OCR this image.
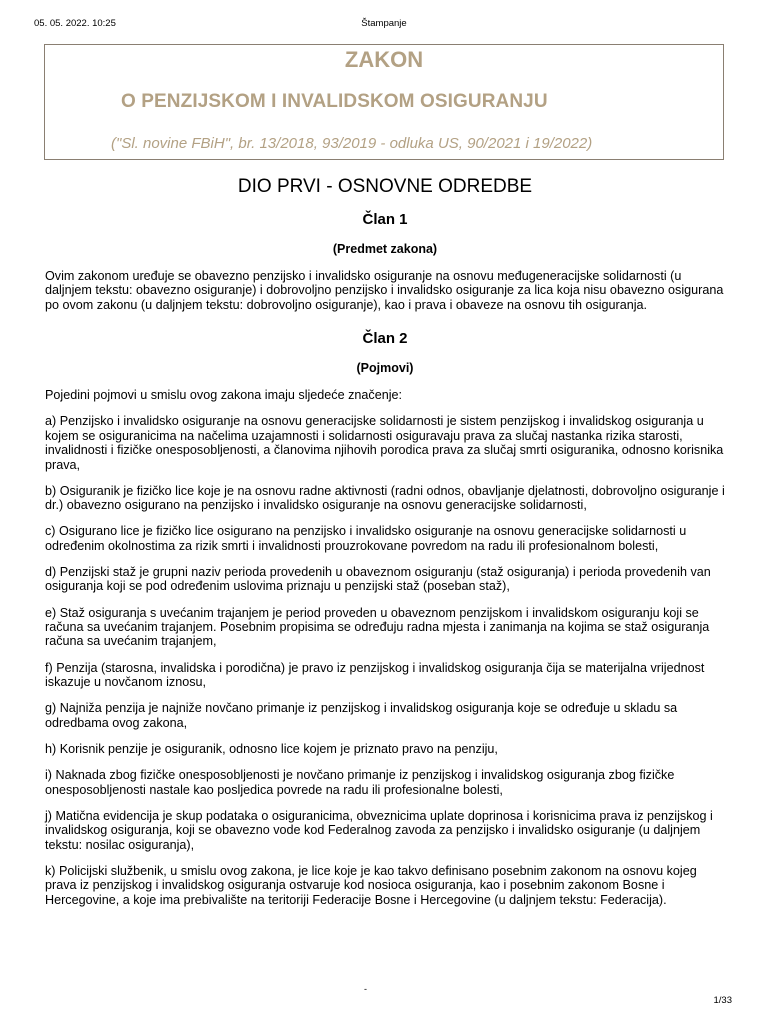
05. 05. 2022. 10:25	Štampanje
ZAKON
O PENZIJSKOM I INVALIDSKOM OSIGURANJU
("Sl. novine FBiH", br. 13/2018, 93/2019 - odluka US, 90/2021 i 19/2022)
DIO PRVI - OSNOVNE ODREDBE
Član 1
(Predmet zakona)

Ovim zakonom uređuje se obavezno penzijsko i invalidsko osiguranje na osnovu međugeneracijske solidarnosti (u daljnjem tekstu: obavezno osiguranje) i dobrovoljno penzijsko i invalidsko osiguranje za lica koja nisu obavezno osigurana po ovom zakonu (u daljnjem tekstu: dobrovoljno osiguranje), kao i prava i obaveze na osnovu tih osiguranja.

Član 2
(Pojmovi)

Pojedini pojmovi u smislu ovog zakona imaju sljedeće značenje:

a) Penzijsko i invalidsko osiguranje na osnovu generacijske solidarnosti je sistem penzijskog i invalidskog osiguranja u kojem se osiguranicima na načelima uzajamnosti i solidarnosti osiguravaju prava za slučaj nastanka rizika starosti, invalidnosti i fizičke onesposobljenosti, a članovima njihovih porodica prava za slučaj smrti osiguranika, odnosno korisnika prava,

b) Osiguranik je fizičko lice koje je na osnovu radne aktivnosti (radni odnos, obavljanje djelatnosti, dobrovoljno osiguranje i dr.) obavezno osigurano na penzijsko i invalidsko osiguranje na osnovu generacijske solidarnosti,

c) Osigurano lice je fizičko lice osigurano na penzijsko i invalidsko osiguranje na osnovu generacijske solidarnosti u određenim okolnostima za rizik smrti i invalidnosti prouzrokovane povredom na radu ili profesionalnom bolesti,

d) Penzijski staž je grupni naziv perioda provedenih u obaveznom osiguranju (staž osiguranja) i perioda provedenih van osiguranja koji se pod određenim uslovima priznaju u penzijski staž (poseban staž),

e) Staž osiguranja s uvećanim trajanjem je period proveden u obaveznom penzijskom i invalidskom osiguranju koji se računa sa uvećanim trajanjem. Posebnim propisima se određuju radna mjesta i zanimanja na kojima se staž osiguranja računa sa uvećanim trajanjem,

f) Penzija (starosna, invalidska i porodična) je pravo iz penzijskog i invalidskog osiguranja čija se materijalna vrijednost iskazuje u novčanom iznosu,

g) Najniža penzija je najniže novčano primanje iz penzijskog i invalidskog osiguranja koje se određuje u skladu sa odredbama ovog zakona,

h) Korisnik penzije je osiguranik, odnosno lice kojem je priznato pravo na penziju,

i) Naknada zbog fizičke onesposobljenosti je novčano primanje iz penzijskog i invalidskog osiguranja zbog fizičke onesposobljenosti nastale kao posljedica povrede na radu ili profesionalne bolesti,

j) Matična evidencija je skup podataka o osiguranicima, obveznicima uplate doprinosa i korisnicima prava iz penzijskog i invalidskog osiguranja, koji se obavezno vode kod Federalnog zavoda za penzijsko i invalidsko osiguranje (u daljnjem tekstu: nosilac osiguranja),

k) Policijski službenik, u smislu ovog zakona, je lice koje je kao takvo definisano posebnim zakonom na osnovu kojeg prava iz penzijskog i invalidskog osiguranja ostvaruje kod nosioca osiguranja, kao i posebnim zakonom Bosne i Hercegovine, a koje ima prebivalište na teritoriji Federacije Bosne i Hercegovine (u daljnjem tekstu: Federacija).

-
1/33
